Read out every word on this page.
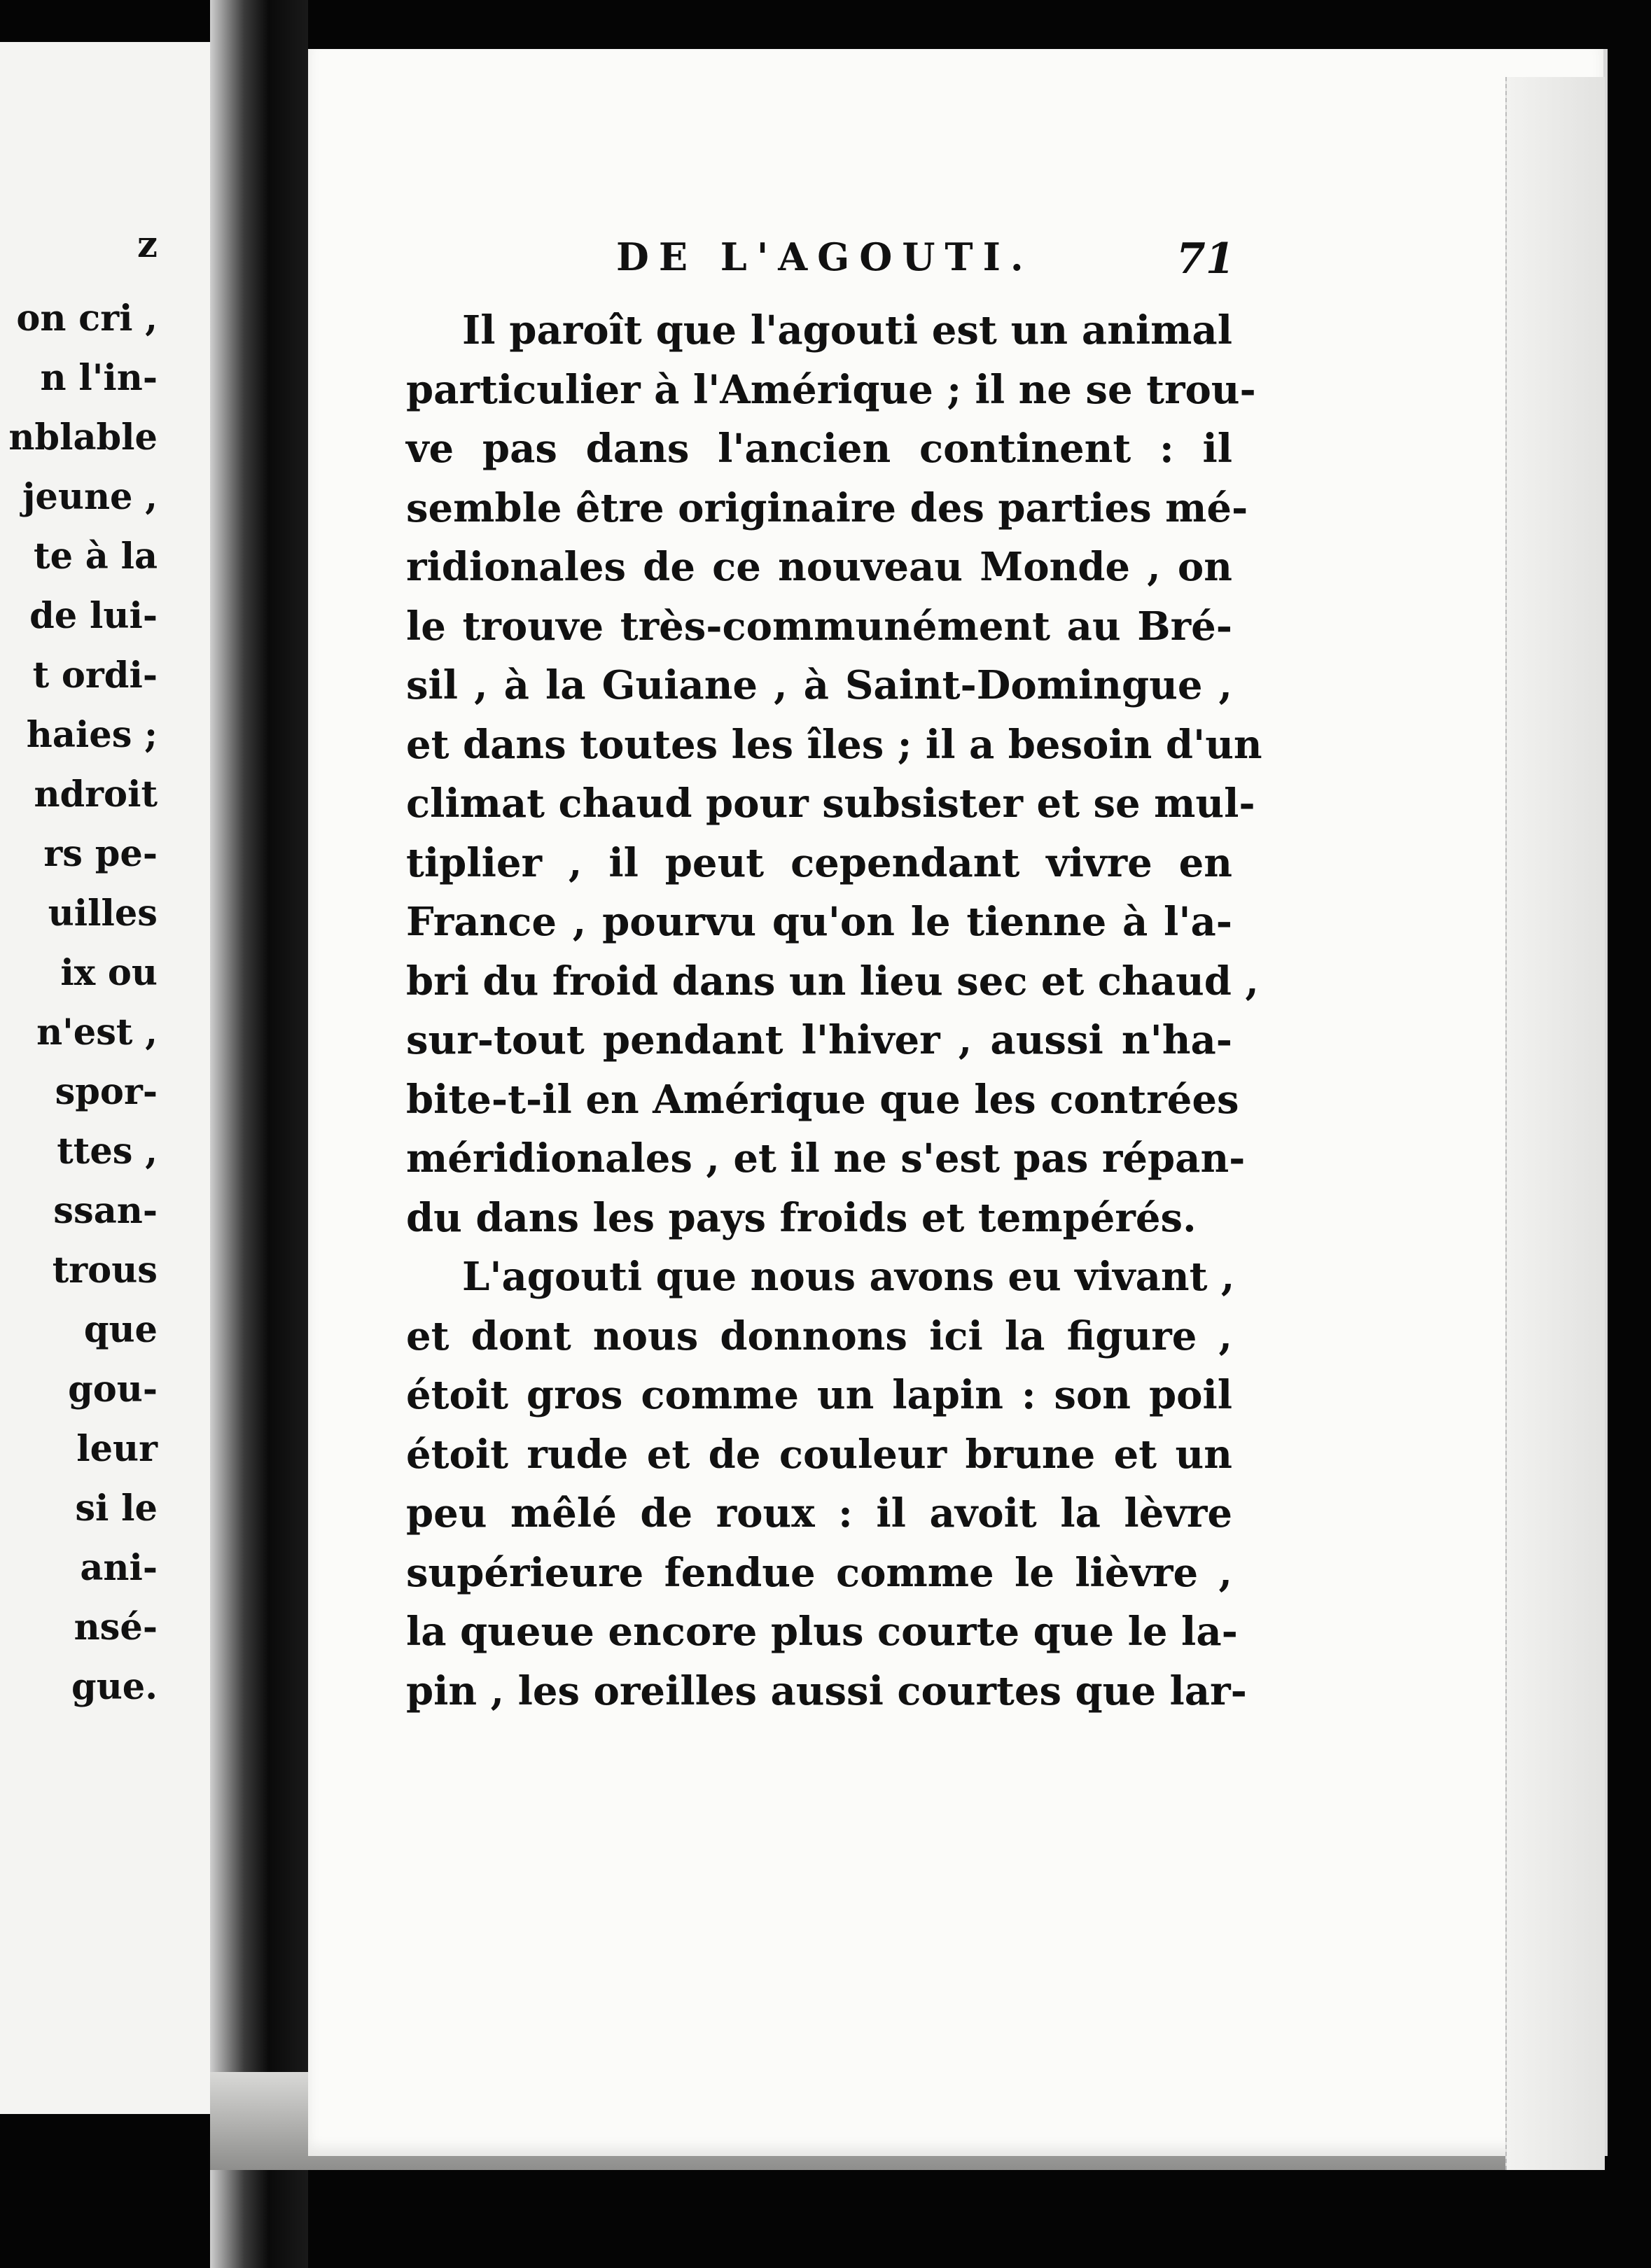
z
on cri ,
n l'in-
nblable
jeune ,
te à la
de lui-
t ordi-
haies ;
ndroit
rs pe-
uilles
ix ou
n'est ,
spor-
ttes ,
ssan-
trous
que
gou-
leur
si le
ani-
nsé-
gue.
DE L'AGOUTI.	71
Il paroît que l'agouti est un animal
particulier à l'Amérique ; il ne se trou-
ve pas dans l'ancien continent : il
semble être originaire des parties mé-
ridionales de ce nouveau Monde , on
le trouve très-communément au Bré-
sil , à la Guiane , à Saint-Domingue ,
et dans toutes les îles ; il a besoin d'un
climat chaud pour subsister et se mul-
tiplier , il peut cependant vivre en
France , pourvu qu'on le tienne à l'a-
bri du froid dans un lieu sec et chaud ,
sur-tout pendant l'hiver , aussi n'ha-
bite-t-il en Amérique que les contrées
méridionales , et il ne s'est pas répan-
du dans les pays froids et tempérés.
L'agouti que nous avons eu vivant ,
et dont nous donnons ici la figure ,
étoit gros comme un lapin : son poil
étoit rude et de couleur brune et un
peu mêlé de roux : il avoit la lèvre
supérieure fendue comme le lièvre ,
la queue encore plus courte que le la-
pin , les oreilles aussi courtes que lar-
